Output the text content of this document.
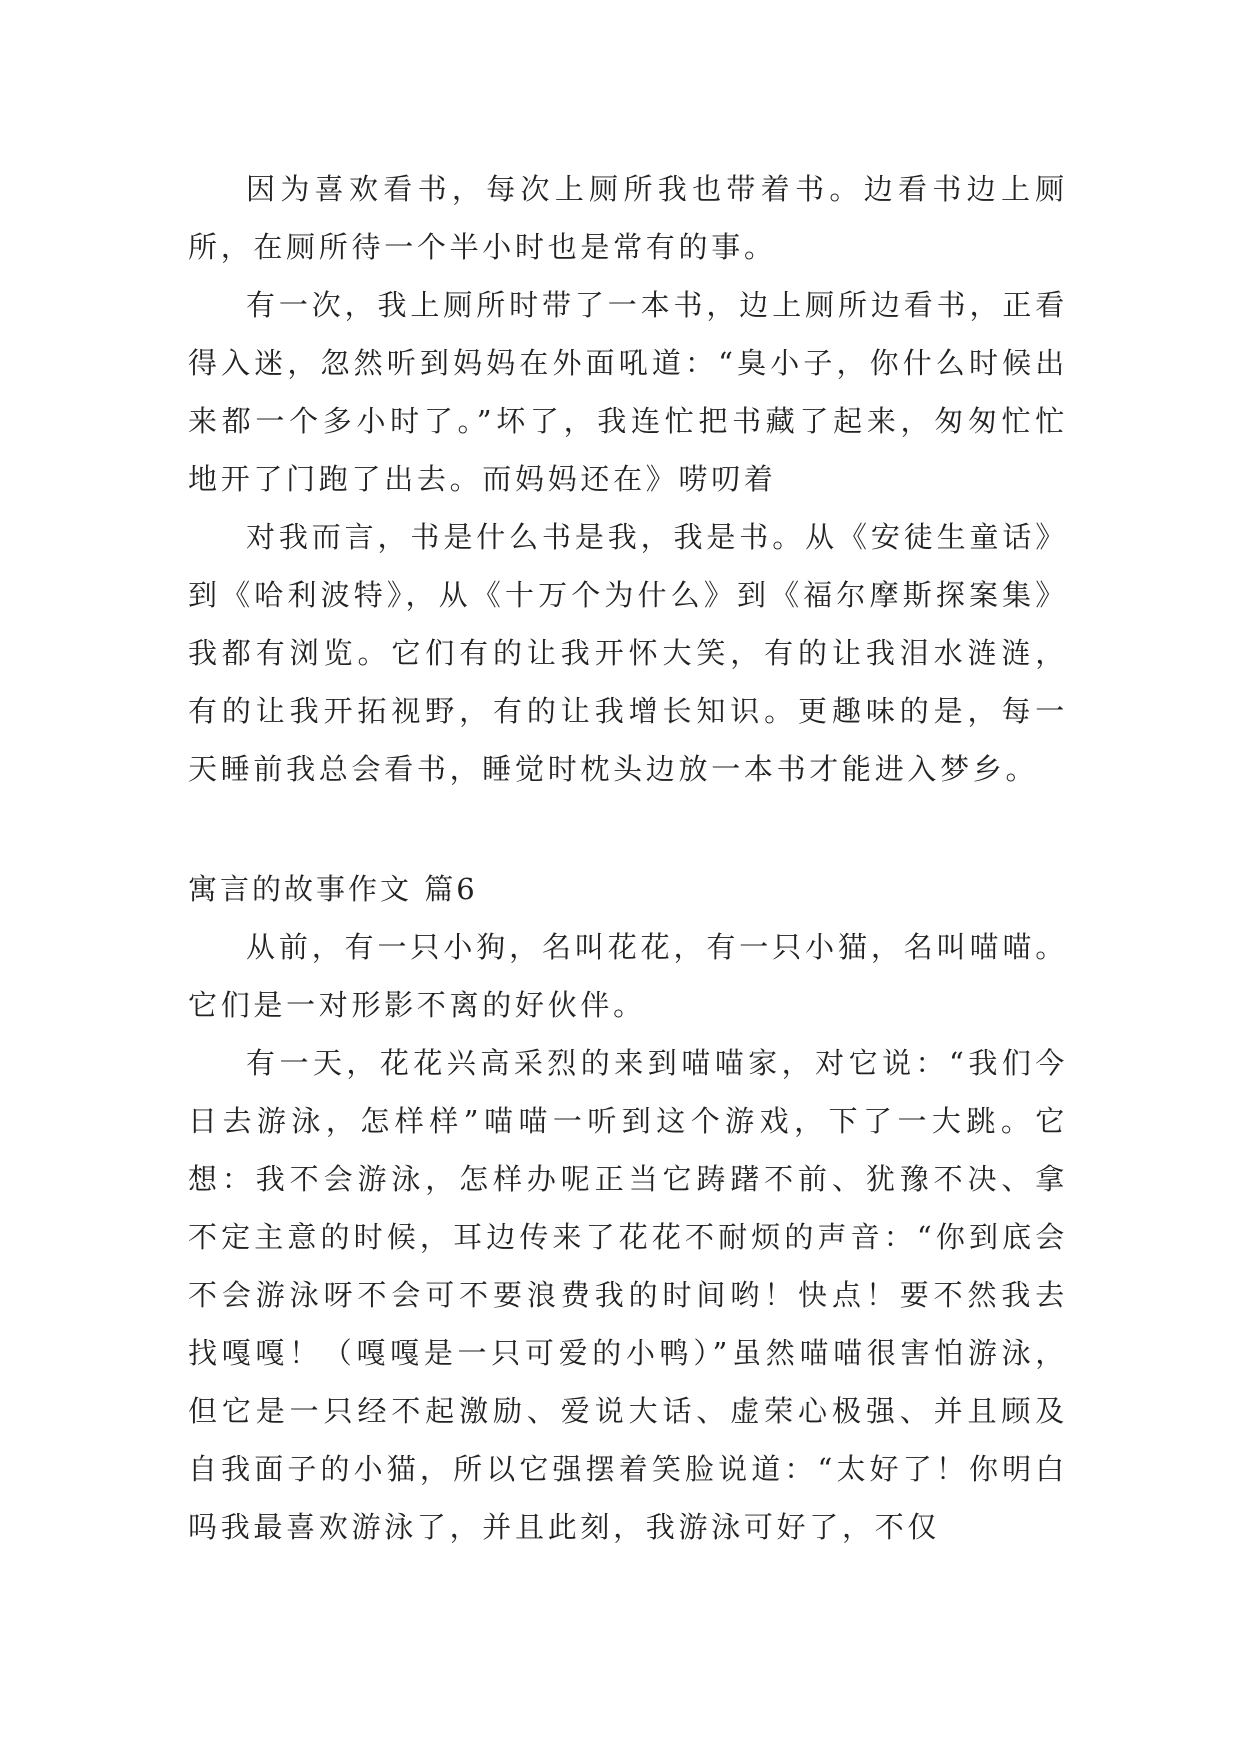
因为喜欢看书，每次上厕所我也带着书。边看书边上厕所，在厕所待一个半小时也是常有的事。

有一次，我上厕所时带了一本书，边上厕所边看书，正看得入迷，忽然听到妈妈在外面吼道：“臭小子，你什么时候出来都一个多小时了。”坏了，我连忙把书藏了起来，匆匆忙忙地开了门跑了出去。而妈妈还在》唠叨着

对我而言，书是什么书是我，我是书。从《安徒生童话》到《哈利波特》，从《十万个为什么》到《福尔摩斯探案集》我都有浏览。它们有的让我开怀大笑，有的让我泪水涟涟，有的让我开拓视野，有的让我增长知识。更趣味的是，每一天睡前我总会看书，睡觉时枕头边放一本书才能进入梦乡。

寓言的故事作文 篇6

从前，有一只小狗，名叫花花，有一只小猫，名叫喵喵。它们是一对形影不离的好伙伴。

有一天，花花兴高采烈的来到喵喵家，对它说：“我们今日去游泳，怎样样”喵喵一听到这个游戏，下了一大跳。它想：我不会游泳，怎样办呢正当它踌躇不前、犹豫不决、拿不定主意的时候，耳边传来了花花不耐烦的声音：“你到底会不会游泳呀不会可不要浪费我的时间哟！快点！要不然我去找嘎嘎！（嘎嘎是一只可爱的小鸭）”虽然喵喵很害怕游泳，但它是一只经不起激励、爱说大话、虚荣心极强、并且顾及自我面子的小猫，所以它强摆着笑脸说道：“太好了！你明白吗我最喜欢游泳了，并且此刻，我游泳可好了，不仅
